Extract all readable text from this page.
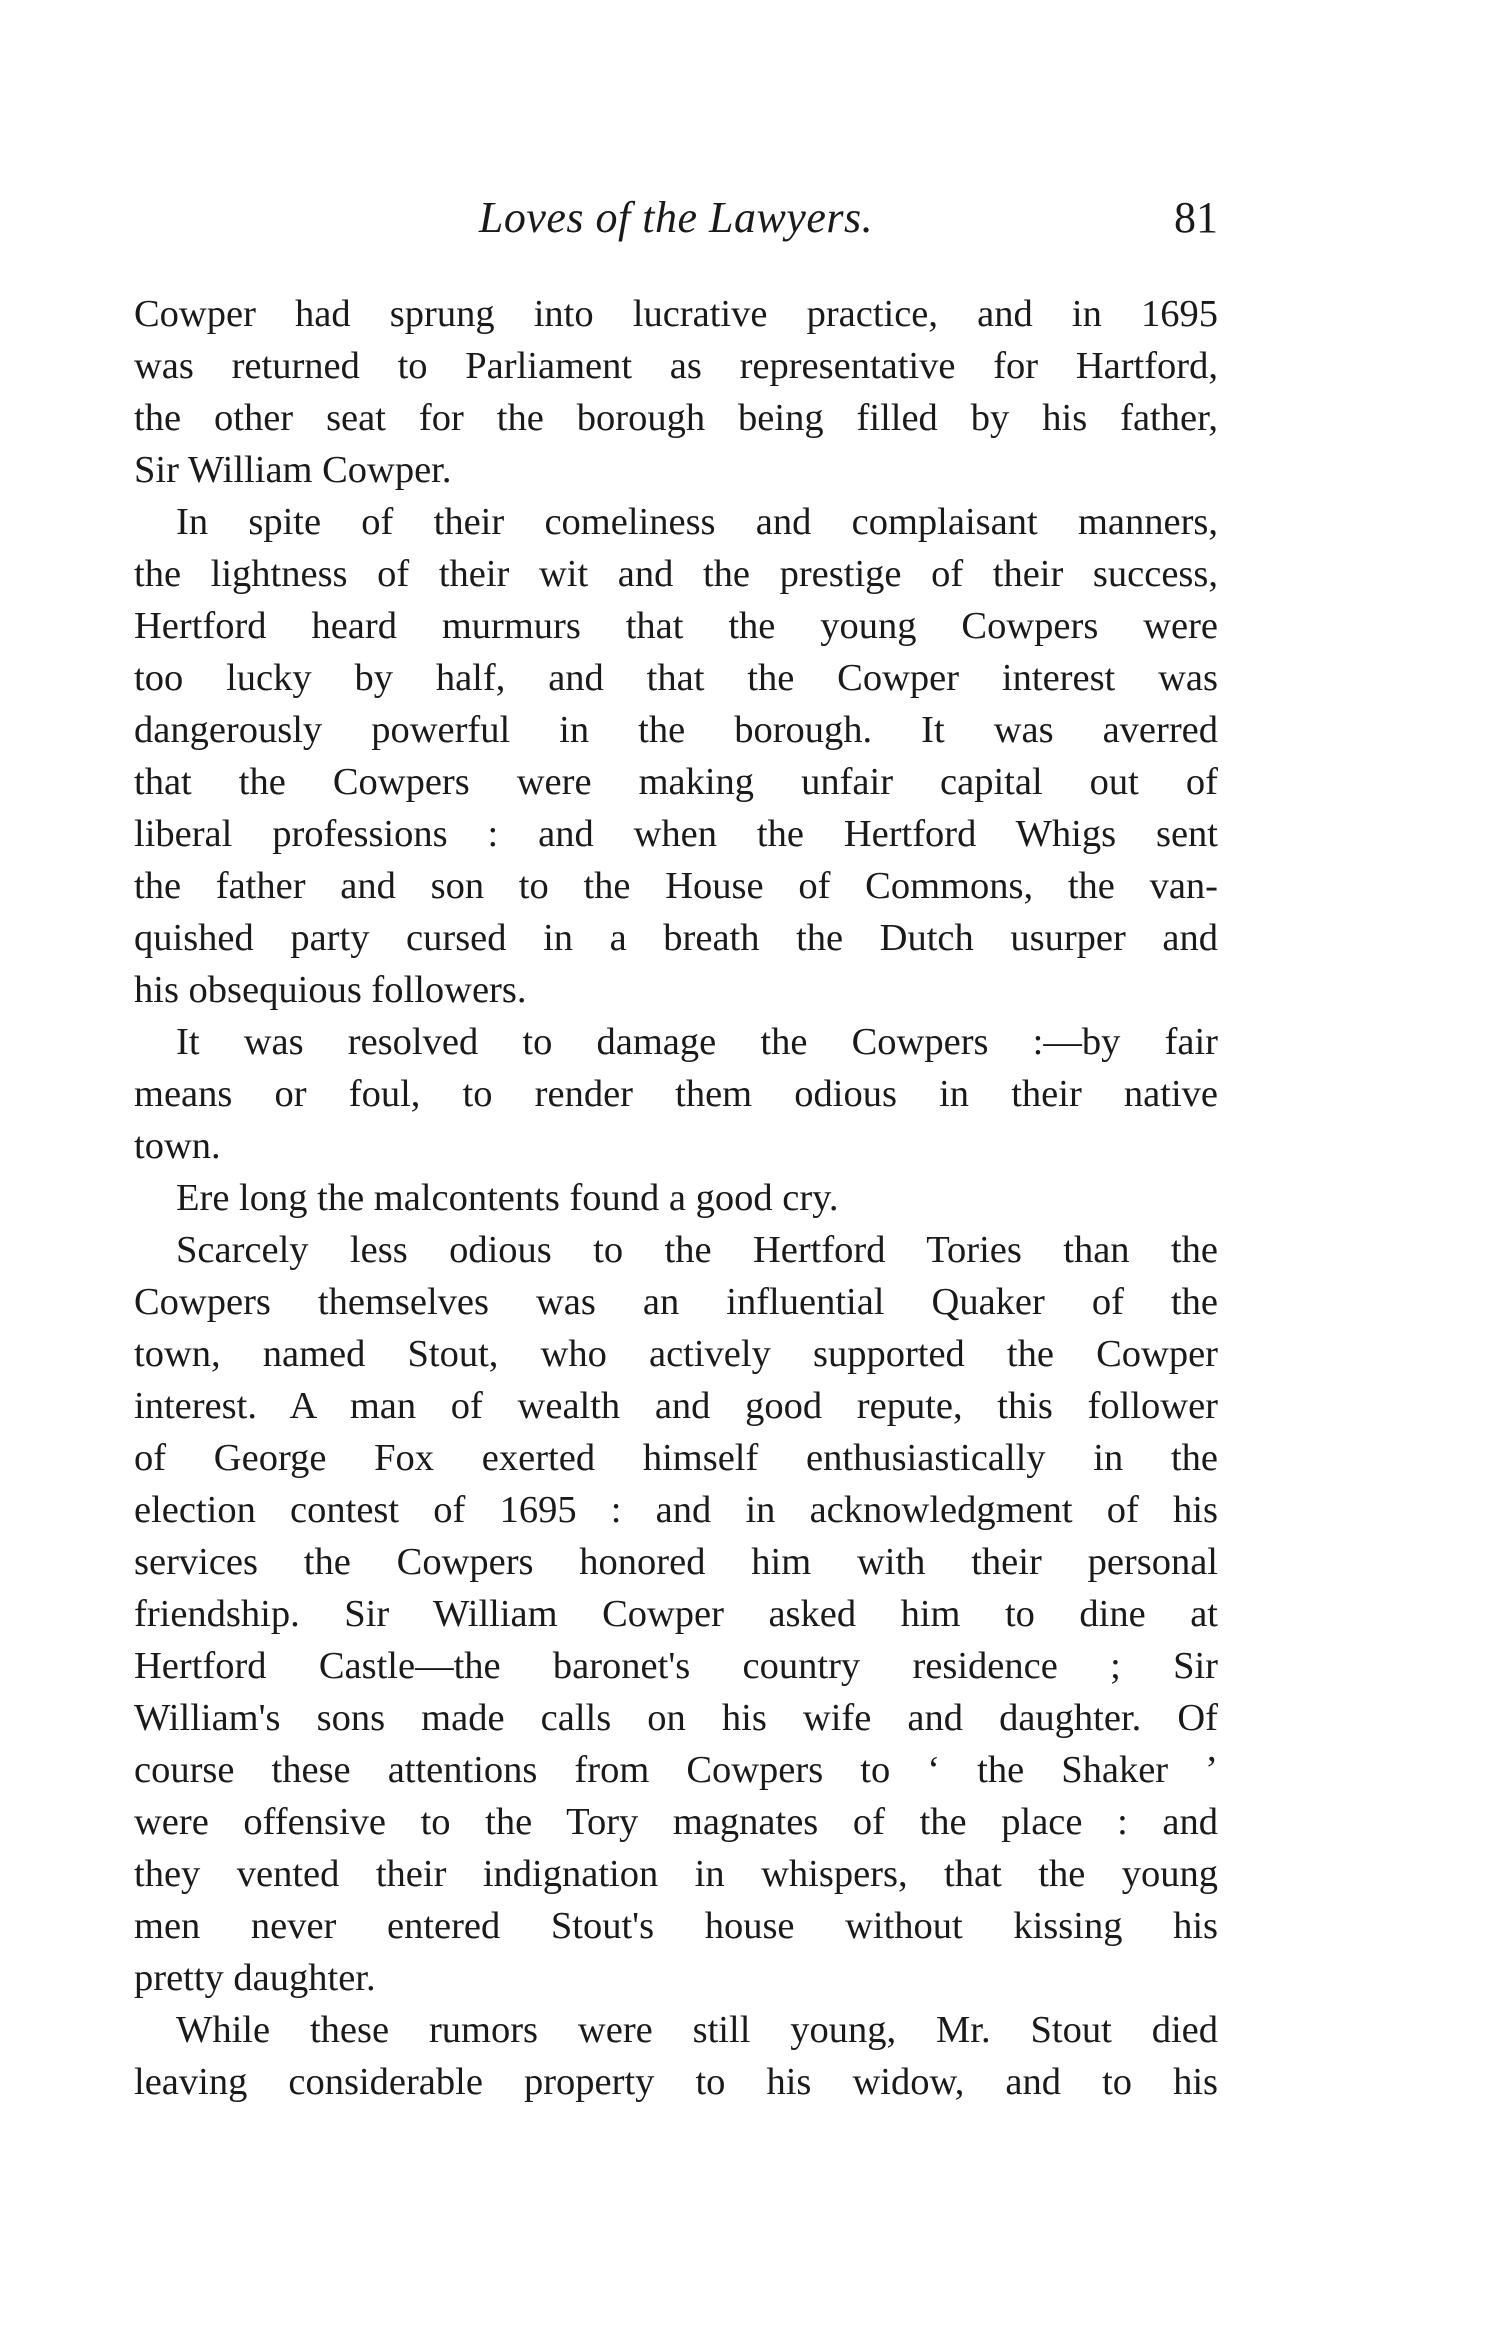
Loves of the Lawyers.	81
Cowper had sprung into lucrative practice, and in 1695
was returned to Parliament as representative for Hartford,
the other seat for the borough being filled by his father,
Sir William Cowper.
In spite of their comeliness and complaisant manners,
the lightness of their wit and the prestige of their success,
Hertford heard murmurs that the young Cowpers were
too lucky by half, and that the Cowper interest was
dangerously powerful in the borough. It was averred
that the Cowpers were making unfair capital out of
liberal professions : and when the Hertford Whigs sent
the father and son to the House of Commons, the van-
quished party cursed in a breath the Dutch usurper and
his obsequious followers.
It was resolved to damage the Cowpers :—by fair
means or foul, to render them odious in their native
town.
Ere long the malcontents found a good cry.
Scarcely less odious to the Hertford Tories than the
Cowpers themselves was an influential Quaker of the
town, named Stout, who actively supported the Cowper
interest. A man of wealth and good repute, this follower
of George Fox exerted himself enthusiastically in the
election contest of 1695 : and in acknowledgment of his
services the Cowpers honored him with their personal
friendship. Sir William Cowper asked him to dine at
Hertford Castle—the baronet's country residence ; Sir
William's sons made calls on his wife and daughter. Of
course these attentions from Cowpers to ‘ the Shaker ’
were offensive to the Tory magnates of the place : and
they vented their indignation in whispers, that the young
men never entered Stout's house without kissing his
pretty daughter.
While these rumors were still young, Mr. Stout died
leaving considerable property to his widow, and to his
